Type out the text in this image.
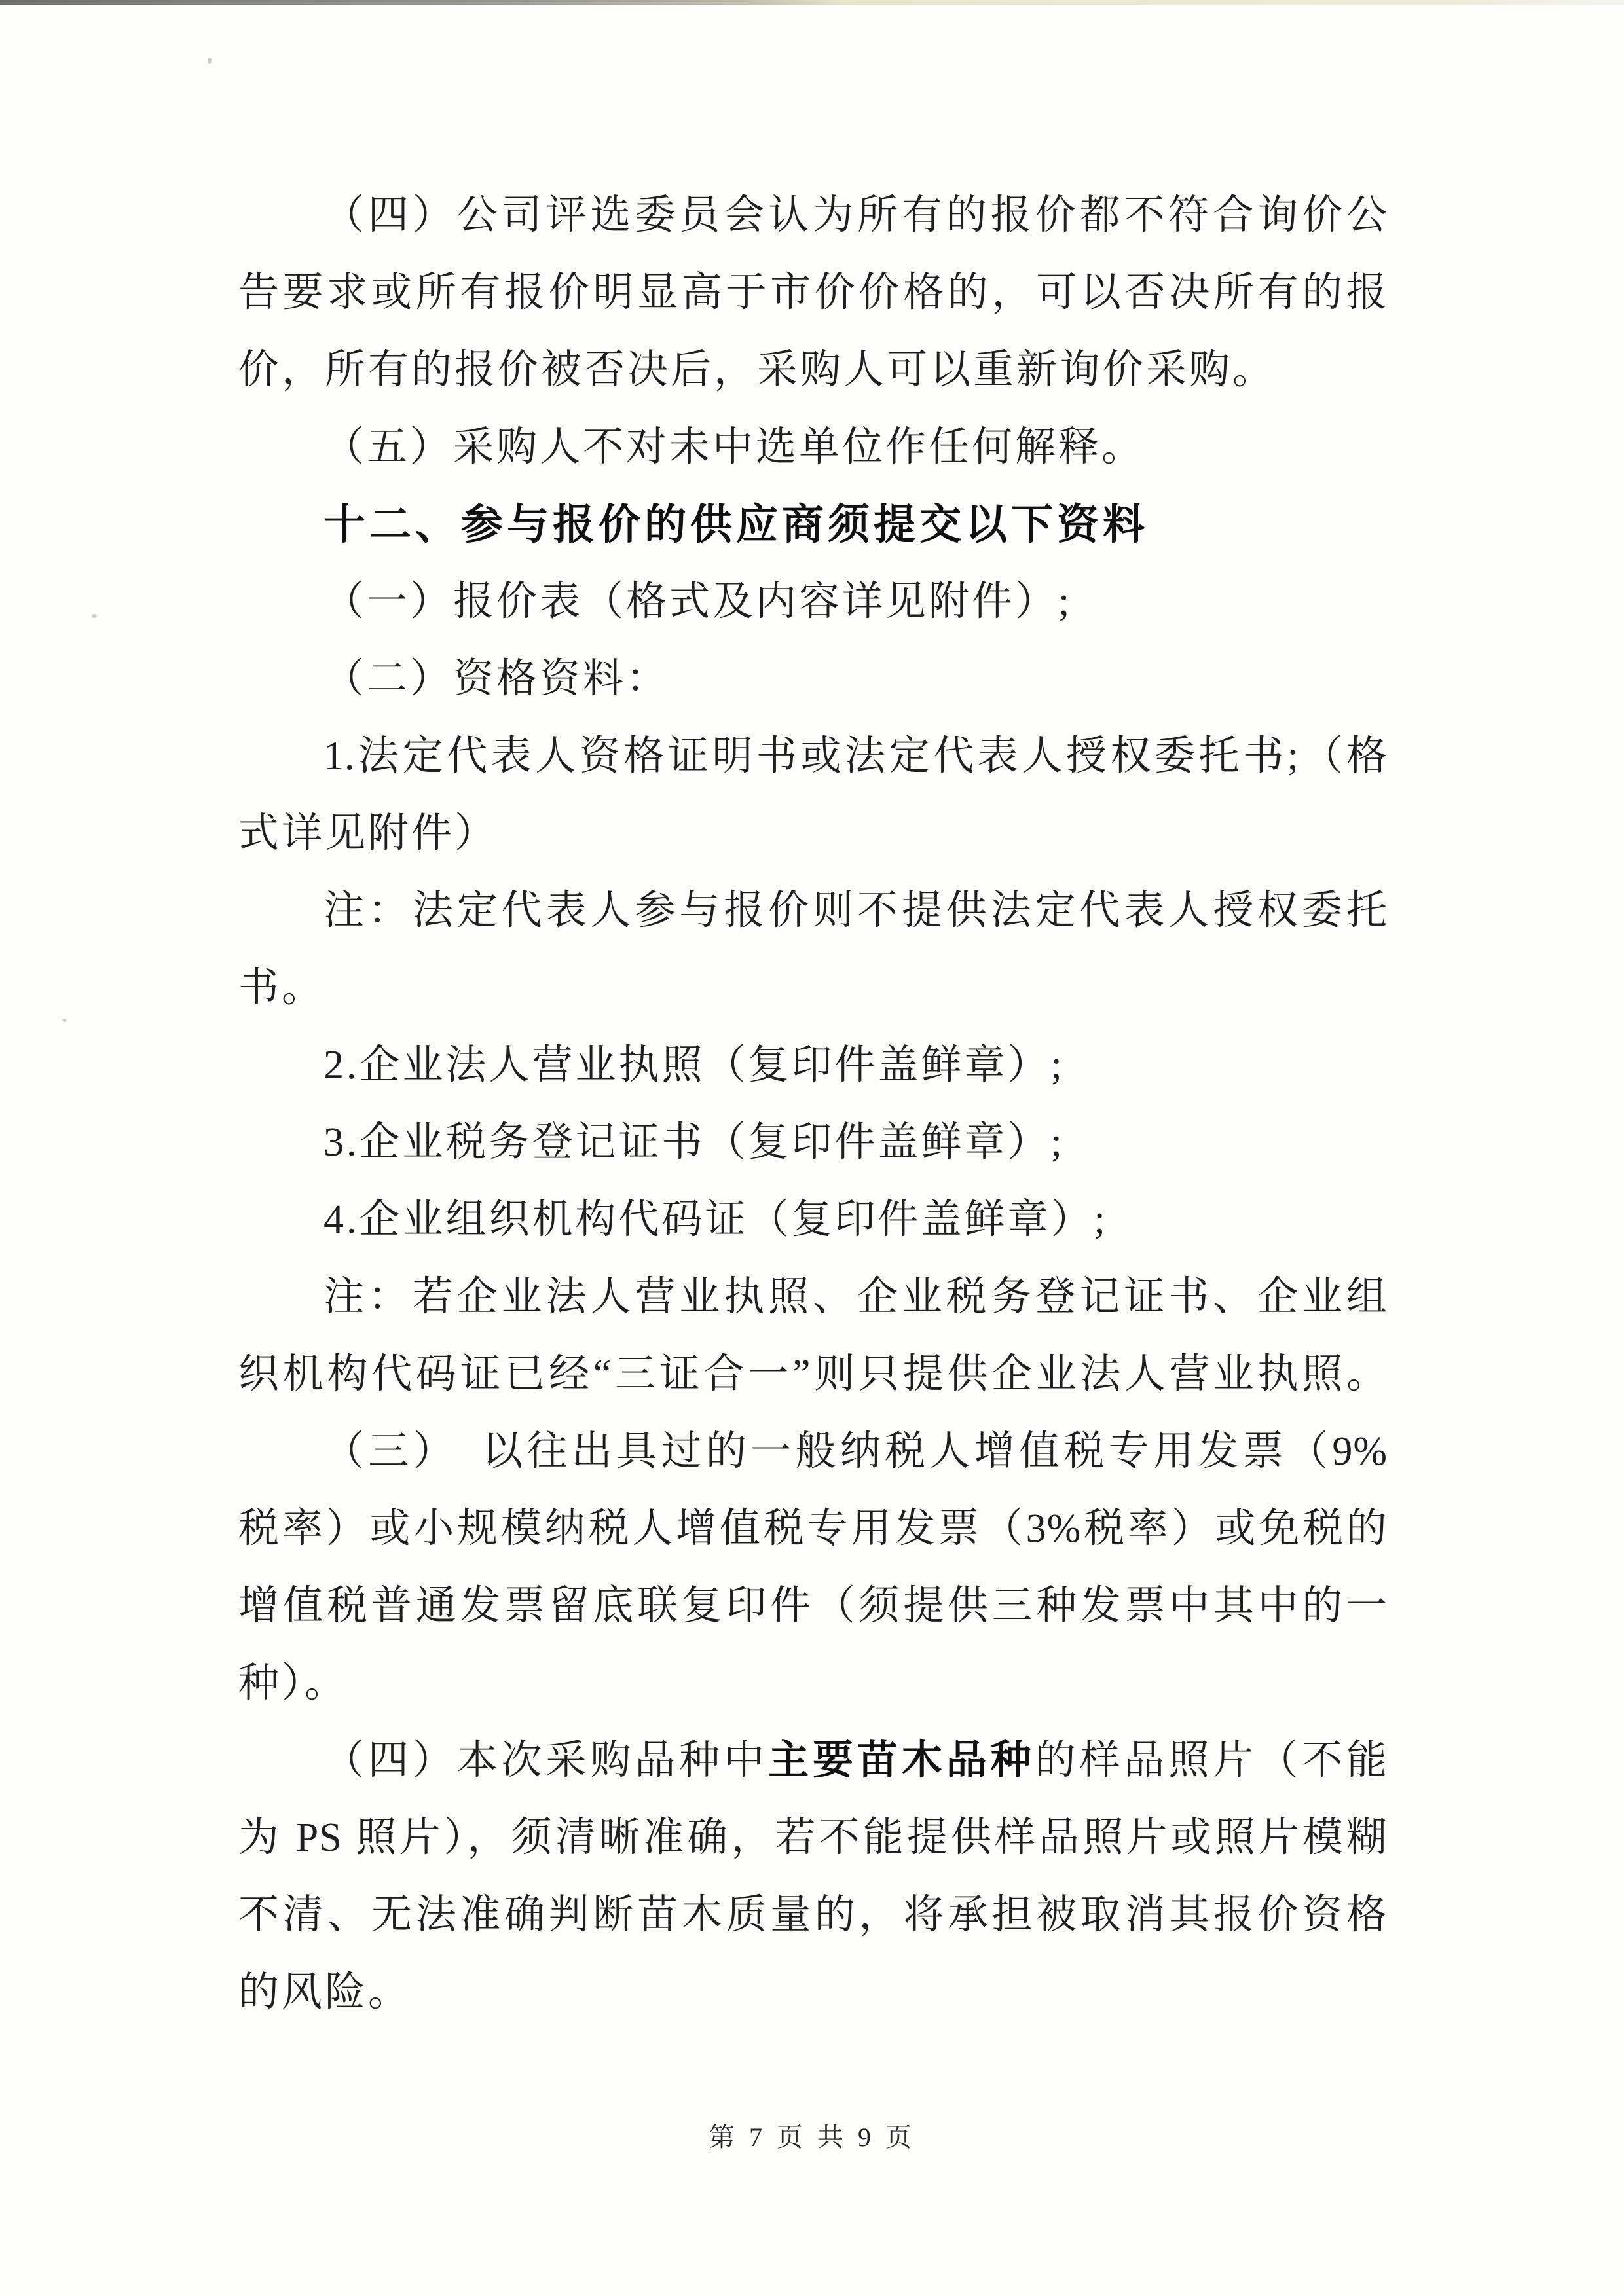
（四）公司评选委员会认为所有的报价都不符合询价公
告要求或所有报价明显高于市价价格的，可以否决所有的报
价，所有的报价被否决后，采购人可以重新询价采购。
（五）采购人不对未中选单位作任何解释。
十二、参与报价的供应商须提交以下资料
（一）报价表（格式及内容详见附件）;
（二）资格资料：
1.法定代表人资格证明书或法定代表人授权委托书;（格
式详见附件）
注：法定代表人参与报价则不提供法定代表人授权委托
书。
2.企业法人营业执照（复印件盖鲜章）;
3.企业税务登记证书（复印件盖鲜章）;
4.企业组织机构代码证（复印件盖鲜章）;
注：若企业法人营业执照、企业税务登记证书、企业组
织机构代码证已经“三证合一”则只提供企业法人营业执照。
（三）　以往出具过的一般纳税人增值税专用发票（9%
税率）或小规模纳税人增值税专用发票（3%税率）或免税的
增值税普通发票留底联复印件（须提供三种发票中其中的一
种）。
（四）本次采购品种中主要苗木品种的样品照片（不能
为 PS 照片），须清晰准确，若不能提供样品照片或照片模糊
不清、无法准确判断苗木质量的，将承担被取消其报价资格
的风险。
第 7 页 共 9 页
